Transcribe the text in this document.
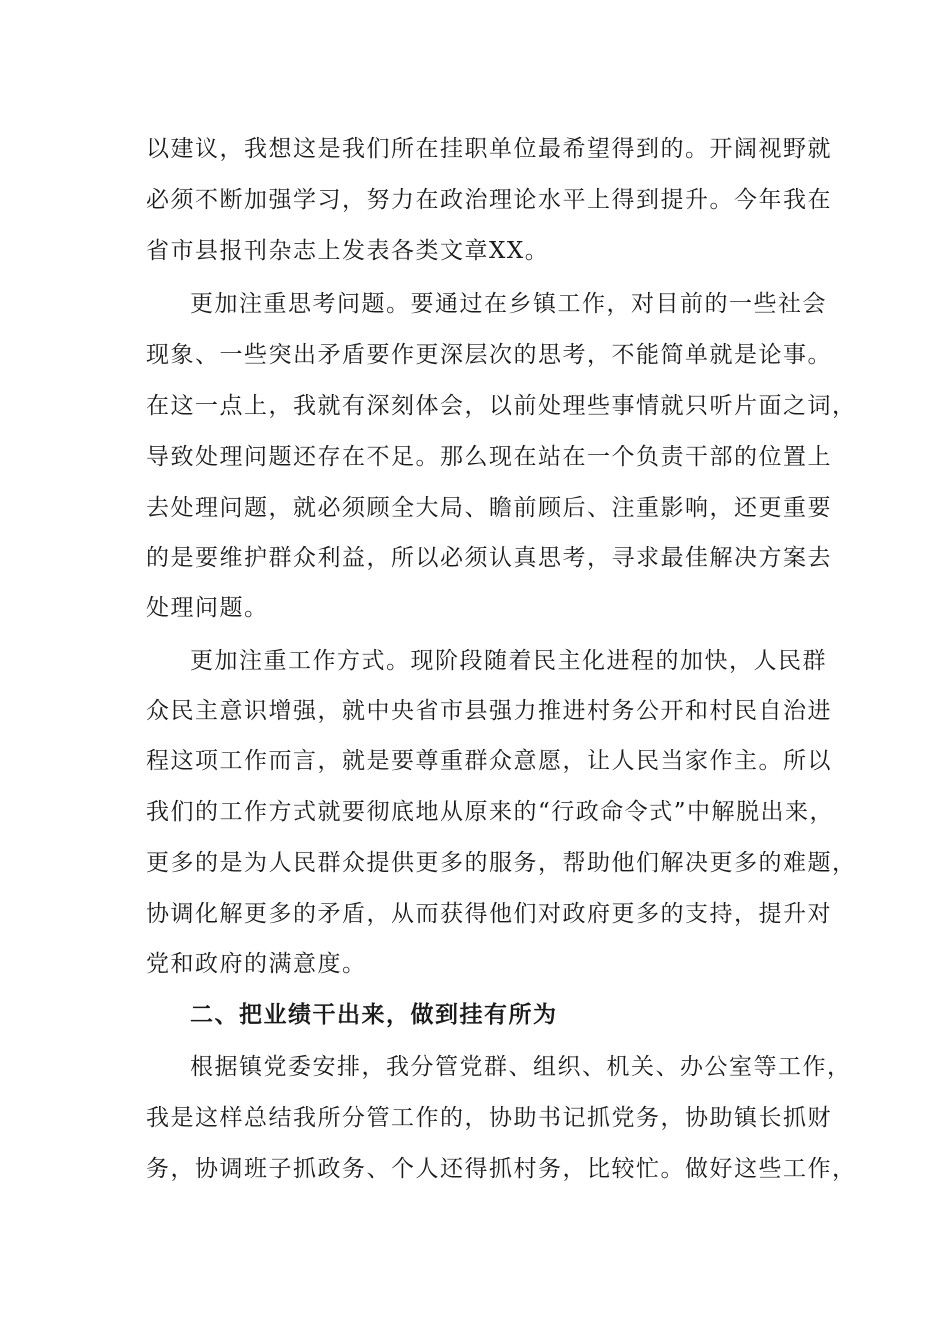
以建议，我想这是我们所在挂职单位最希望得到的。开阔视野就
必须不断加强学习，努力在政治理论水平上得到提升。今年我在
省市县报刊杂志上发表各类文章XX。
更加注重思考问题。要通过在乡镇工作，对目前的一些社会
现象、一些突出矛盾要作更深层次的思考，不能简单就是论事。
在这一点上，我就有深刻体会，以前处理些事情就只听片面之词，
导致处理问题还存在不足。那么现在站在一个负责干部的位置上
去处理问题，就必须顾全大局、瞻前顾后、注重影响，还更重要
的是要维护群众利益，所以必须认真思考，寻求最佳解决方案去
处理问题。
更加注重工作方式。现阶段随着民主化进程的加快，人民群
众民主意识增强，就中央省市县强力推进村务公开和村民自治进
程这项工作而言，就是要尊重群众意愿，让人民当家作主。所以
我们的工作方式就要彻底地从原来的“行政命令式”中解脱出来，
更多的是为人民群众提供更多的服务，帮助他们解决更多的难题，
协调化解更多的矛盾，从而获得他们对政府更多的支持，提升对
党和政府的满意度。
二、把业绩干出来，做到挂有所为
根据镇党委安排，我分管党群、组织、机关、办公室等工作，
我是这样总结我所分管工作的，协助书记抓党务，协助镇长抓财
务，协调班子抓政务、个人还得抓村务，比较忙。做好这些工作，
